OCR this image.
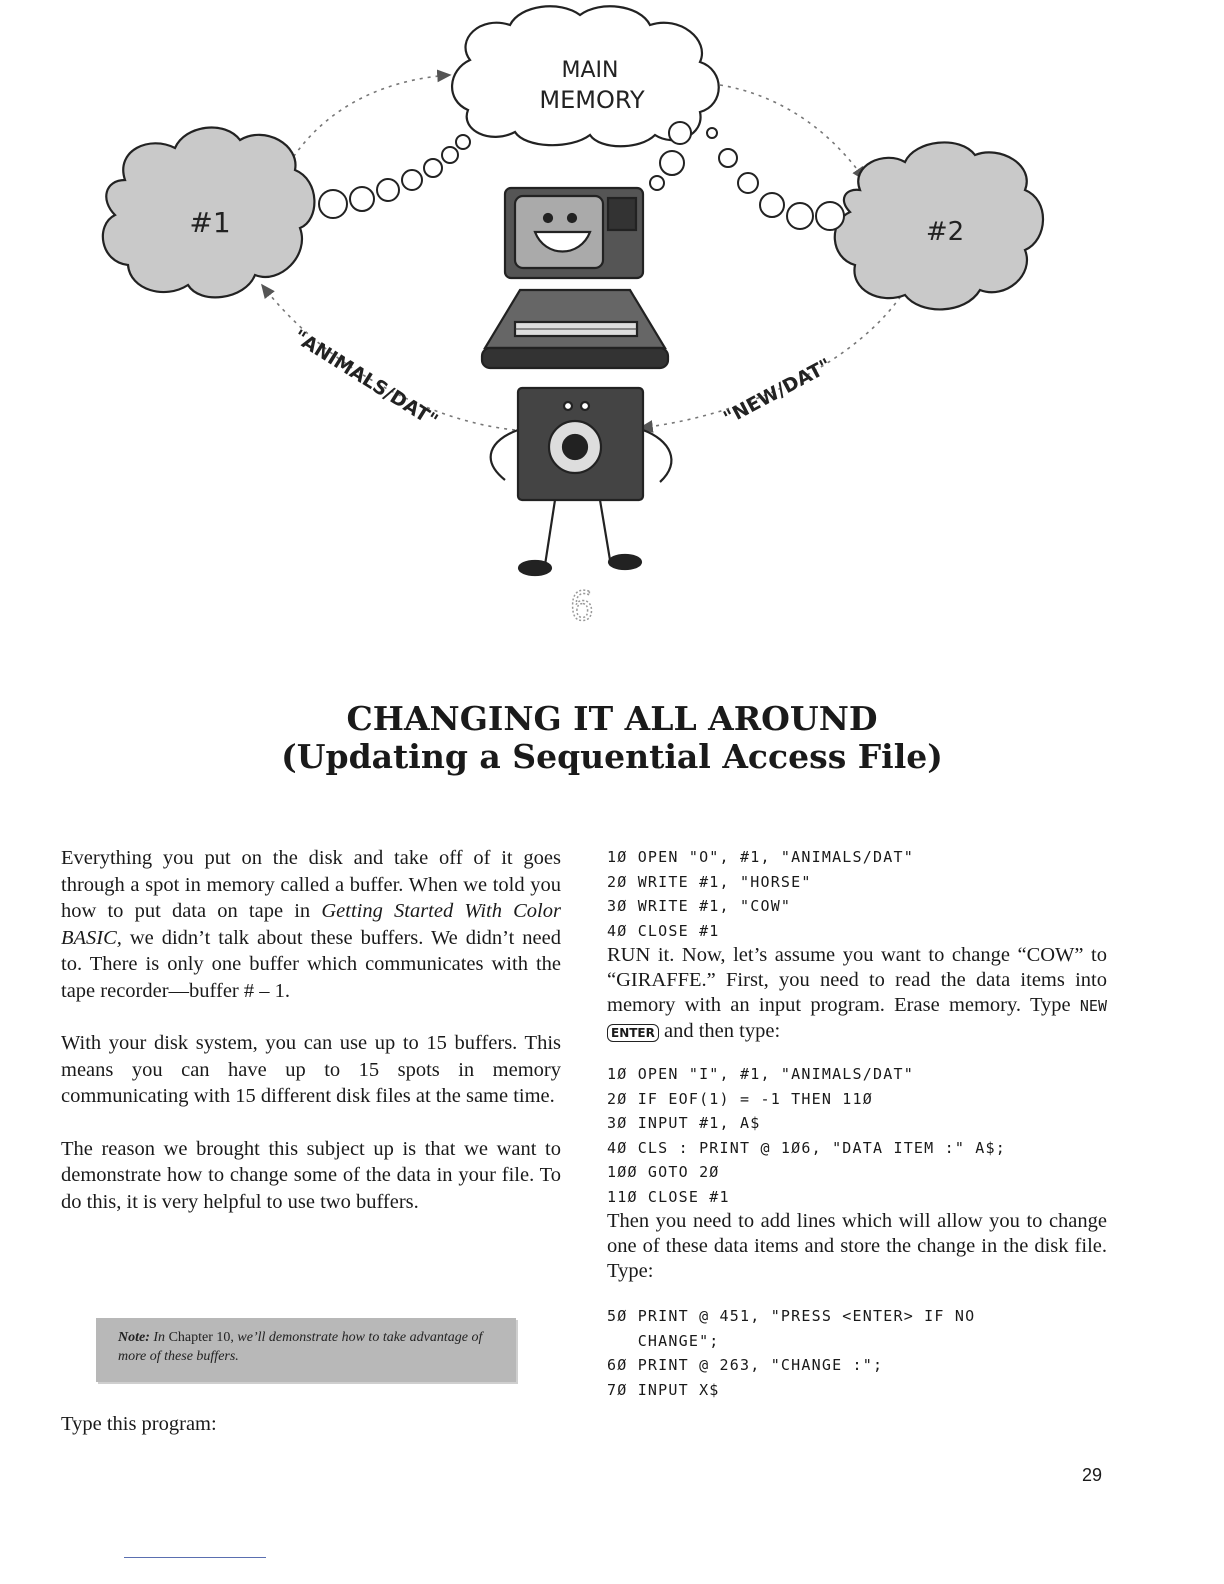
MAIN
MEMORY
#1	#2
6
"ANIMALS/DAT"	"NEW/DAT"
CHANGING IT ALL AROUND
(Updating a Sequential Access File)

Everything you put on the disk and take off of it goes through a spot in memory called a buffer. When we told you how to put data on tape in Getting Started With Color BASIC, we didn’t talk about these buffers. We didn’t need to. There is only one buffer which communicates with the tape recorder—buffer # – 1.

With your disk system, you can use up to 15 buffers. This means you can have up to 15 spots in memory communicating with 15 different disk files at the same time.

The reason we brought this subject up is that we want to demonstrate how to change some of the data in your file. To do this, it is very helpful to use two buffers.

Note: In Chapter 10, we’ll demonstrate how to take advantage of more of these buffers.
Type this program:
1Ø OPEN "O", #1, "ANIMALS/DAT"
2Ø WRITE #1, "HORSE"
3Ø WRITE #1, "COW"
4Ø CLOSE #1

RUN it. Now, let’s assume you want to change “COW” to “GIRAFFE.” First, you need to read the data items into memory with an input program. Erase memory. Type NEW ENTER and then type:

1Ø OPEN "I", #1, "ANIMALS/DAT"
2Ø IF EOF(1) = -1 THEN 11Ø
3Ø INPUT #1, A$
4Ø CLS : PRINT @ 1Ø6, "DATA ITEM :" A$;
1ØØ GOTO 2Ø
11Ø CLOSE #1

Then you need to add lines which will allow you to change one of these data items and store the change in the disk file. Type:

5Ø PRINT @ 451, "PRESS <ENTER> IF NO
CHANGE";
6Ø PRINT @ 263, "CHANGE :";
7Ø INPUT X$
29
